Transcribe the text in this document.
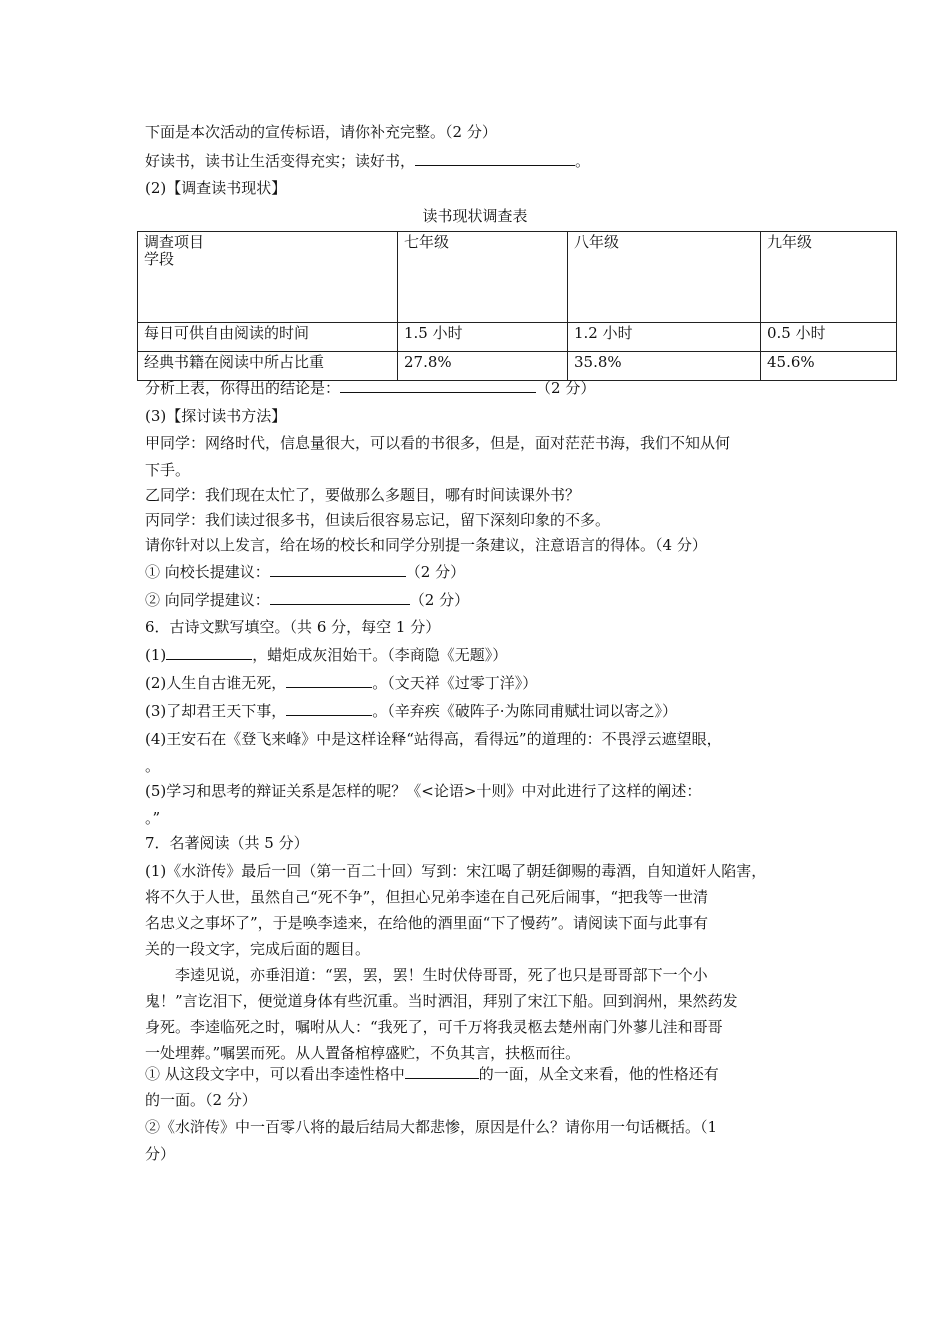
下面是本次活动的宣传标语，请你补充完整。（2 分）
好读书，读书让生活变得充实；读好书，	。
(2)【调查读书现状】
读书现状调查表
调查项目
学段	七年级	八年级	九年级
每日可供自由阅读的时间	1.5 小时	1.2 小时	0.5 小时
经典书籍在阅读中所占比重	27.8%	35.8%	45.6%
分析上表，你得出的结论是：	（2 分）
(3)【探讨读书方法】
甲同学：网络时代，信息量很大，可以看的书很多，但是，面对茫茫书海，我们不知从何
下手。
乙同学：我们现在太忙了，要做那么多题目，哪有时间读课外书？
丙同学：我们读过很多书，但读后很容易忘记，留下深刻印象的不多。
请你针对以上发言，给在场的校长和同学分别提一条建议，注意语言的得体。（4 分）
① 向校长提建议：	（2 分）
② 向同学提建议：	（2 分）
6．古诗文默写填空。（共 6 分，每空 1 分）
(1)	，蜡炬成灰泪始干。（李商隐《无题》）
(2)人生自古谁无死，	。（文天祥《过零丁洋》）
(3)了却君王天下事，	。（辛弃疾《破阵子·为陈同甫赋壮词以寄之》）
(4)王安石在《登飞来峰》中是这样诠释“站得高，看得远”的道理的：不畏浮云遮望眼，
。
(5)学习和思考的辩证关系是怎样的呢？《<论语>十则》中对此进行了这样的阐述：
。”
7．名著阅读（共 5 分）
(1)《水浒传》最后一回（第一百二十回）写到：宋江喝了朝廷御赐的毒酒，自知道奸人陷害，
将不久于人世，虽然自己“死不争”，但担心兄弟李逵在自己死后闹事，“把我等一世清
名忠义之事坏了”，于是唤李逵来，在给他的酒里面“下了慢药”。请阅读下面与此事有
关的一段文字，完成后面的题目。
李逵见说，亦垂泪道：“罢，罢，罢！生时伏侍哥哥，死了也只是哥哥部下一个小
鬼！”言讫泪下，便觉道身体有些沉重。当时洒泪，拜别了宋江下船。回到润州，果然药发
身死。李逵临死之时，嘱咐从人：“我死了，可千万将我灵柩去楚州南门外蓼儿洼和哥哥
一处埋葬。”嘱罢而死。从人置备棺椁盛贮，不负其言，扶柩而往。
① 从这段文字中，可以看出李逵性格中	的一面，从全文来看，他的性格还有
的一面。（2 分）
②《水浒传》中一百零八将的最后结局大都悲惨，原因是什么？请你用一句话概括。（1
分）
